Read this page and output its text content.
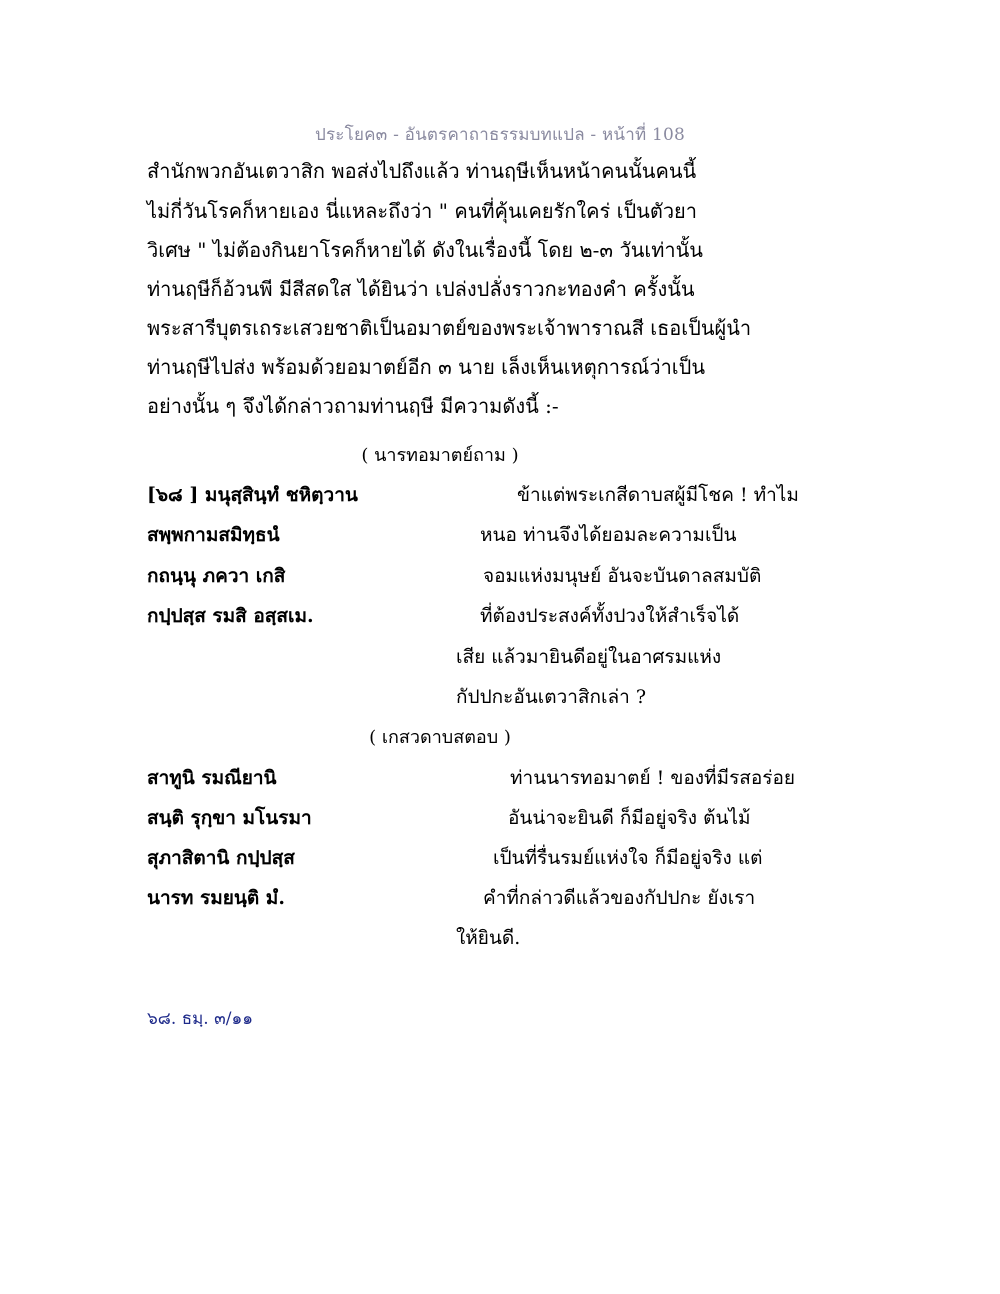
ประโยค๓ - อันตรคาถาธรรมบทแปล - หน้าที่ 108
สำนักพวกอันเตวาสิก พอส่งไปถึงแล้ว ท่านฤษีเห็นหน้าคนนั้นคนนี้
ไม่กี่วันโรคก็หายเอง นี่แหละถึงว่า " คนที่คุ้นเคยรักใคร่ เป็นตัวยา
วิเศษ " ไม่ต้องกินยาโรคก็หายได้ ดังในเรื่องนี้ โดย ๒-๓ วันเท่านั้น
ท่านฤษีก็อ้วนพี มีสีสดใส ได้ยินว่า เปล่งปลั่งราวกะทองคำ ครั้งนั้น
พระสารีบุตรเถระเสวยชาติเป็นอมาตย์ของพระเจ้าพาราณสี เธอเป็นผู้นำ
ท่านฤษีไปส่ง พร้อมด้วยอมาตย์อีก ๓ นาย เล็งเห็นเหตุการณ์ว่าเป็น
อย่างนั้น ๆ จึงได้กล่าวถามท่านฤษี มีความดังนี้ :-
( นารทอมาตย์ถาม )
[๖๘ ] มนุสฺสินฺทํ ชหิตฺวาน
สพฺพกามสมิทฺธนํ
กถนฺนุ ภควา เกสิ
กปฺปสฺส รมสิ อสฺสเม.
ข้าแต่พระเกสีดาบสผู้มีโชค ! ทำไม
หนอ ท่านจึงได้ยอมละความเป็น
จอมแห่งมนุษย์ อันจะบันดาลสมบัติ
ที่ต้องประสงค์ทั้งปวงให้สำเร็จได้
เสีย แล้วมายินดีอยู่ในอาศรมแห่ง
กัปปกะอันเตวาสิกเล่า ?
( เกสวดาบสตอบ )
สาทูนิ รมณียานิ
สนฺติ รุกฺขา มโนรมา
สุภาสิตานิ กปฺปสฺส
นารท รมยนฺติ มํ.
ท่านนารทอมาตย์ ! ของที่มีรสอร่อย
อันน่าจะยินดี ก็มีอยู่จริง ต้นไม้
เป็นที่รื่นรมย์แห่งใจ ก็มีอยู่จริง แต่
คำที่กล่าวดีแล้วของกัปปกะ ยังเรา
ให้ยินดี.
๖๘. ธมฺ. ๓/๑๑
